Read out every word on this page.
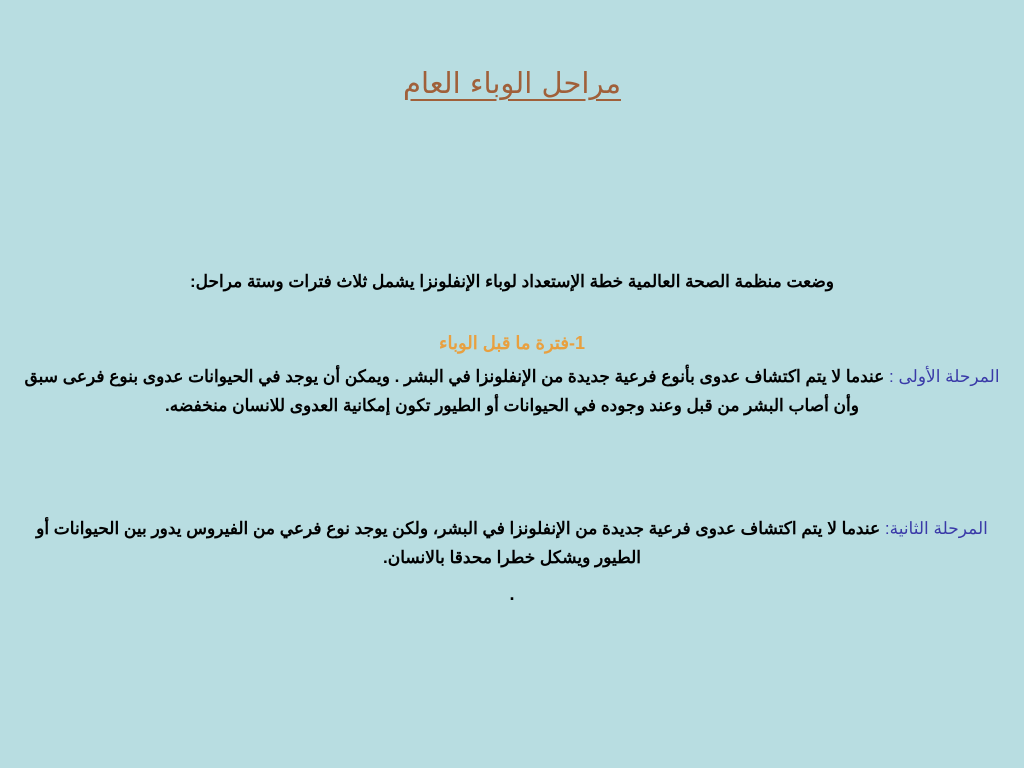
مراحل الوباء العام
وضعت منظمة الصحة العالمية خطة الإستعداد لوباء الإنفلونزا يشمل ثلاث فترات وستة مراحل:
1-فترة ما قبل الوباء
المرحلة الأولى : عندما لا يتم اكتشاف عدوى بأنوع فرعية جديدة من الإنفلونزا في البشر . ويمكن أن يوجد في الحيوانات عدوى بنوع فرعى سبق وأن أصاب البشر من قبل وعند وجوده في الحيوانات أو الطيور تكون إمكانية العدوى للانسان منخفضه.
المرحلة الثانية: عندما لا يتم اكتشاف عدوى فرعية جديدة من الإنفلونزا في البشر، ولكن يوجد نوع فرعي من الفيروس يدور بين الحيوانات أو الطيور ويشكل خطرا محدقا بالانسان.
.
